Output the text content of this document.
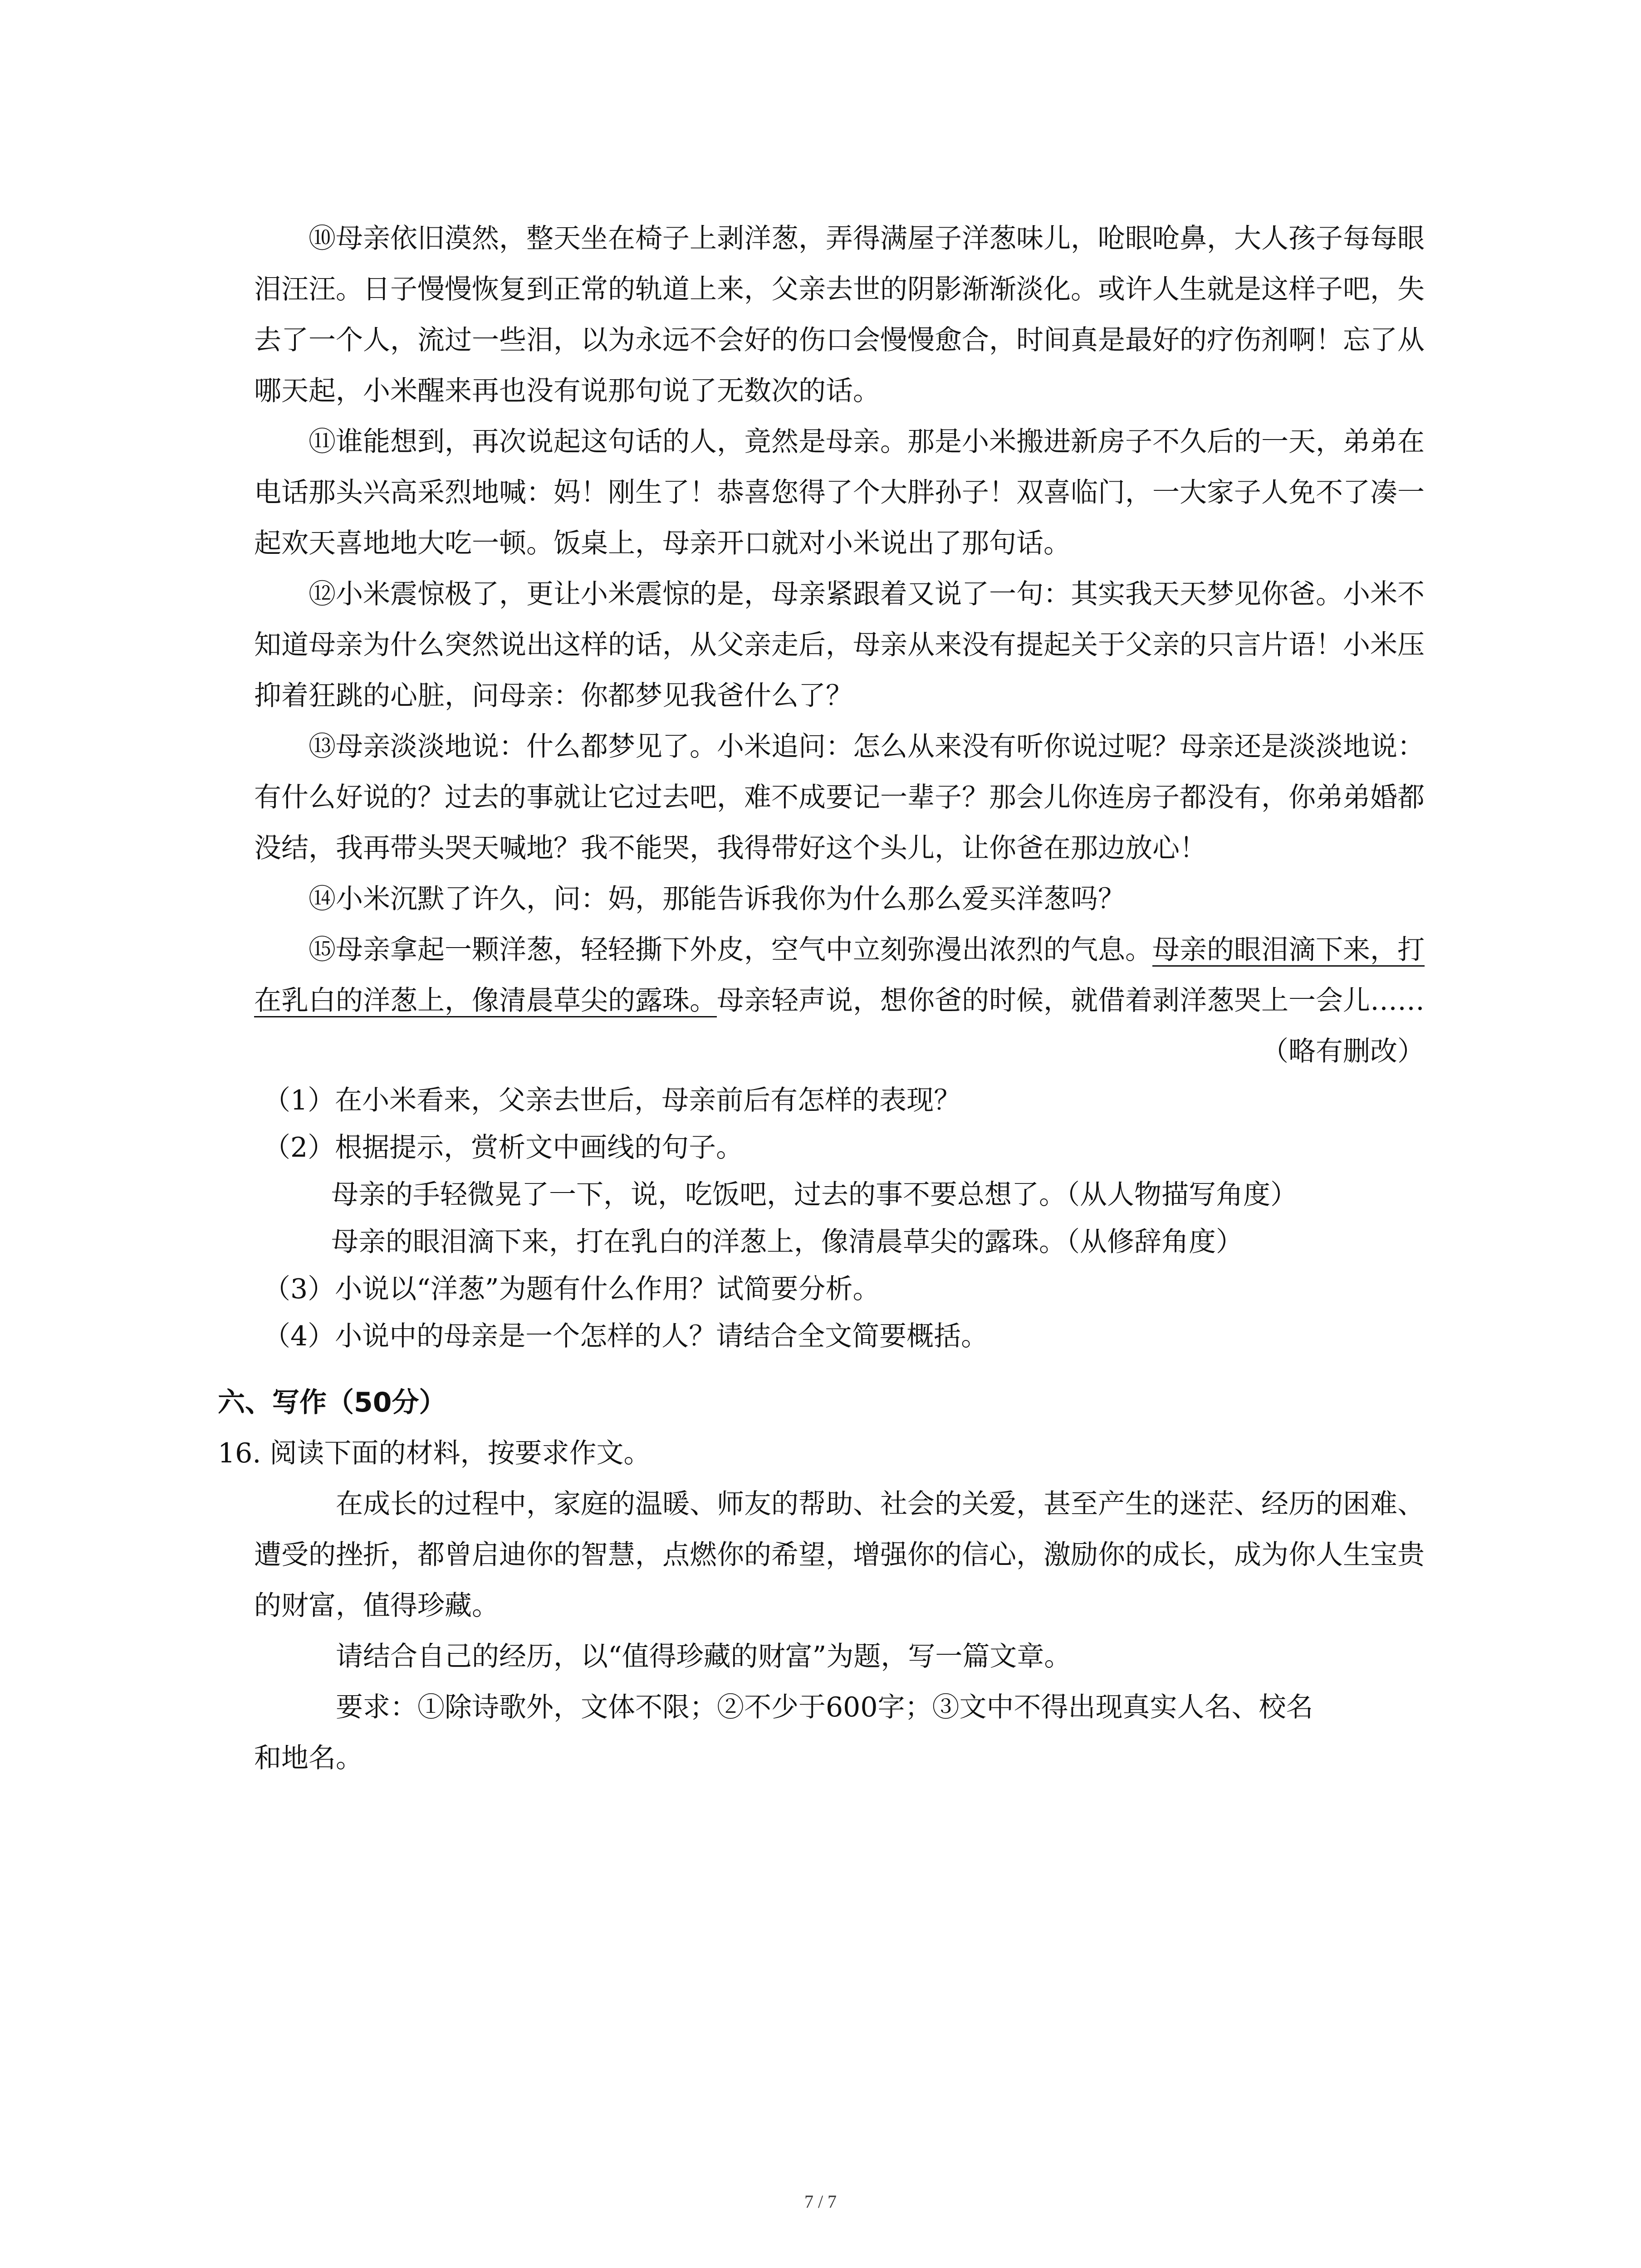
⑩母亲依旧漠然，整天坐在椅子上剥洋葱，弄得满屋子洋葱味儿，呛眼呛鼻，大人孩子每每眼泪汪汪。日子慢慢恢复到正常的轨道上来，父亲去世的阴影渐渐淡化。或许人生就是这样子吧，失去了一个人，流过一些泪，以为永远不会好的伤口会慢慢愈合，时间真是最好的疗伤剂啊！忘了从哪天起，小米醒来再也没有说那句说了无数次的话。

⑪谁能想到，再次说起这句话的人，竟然是母亲。那是小米搬进新房子不久后的一天，弟弟在电话那头兴高采烈地喊：妈！刚生了！恭喜您得了个大胖孙子！双喜临门，一大家子人免不了凑一起欢天喜地地大吃一顿。饭桌上，母亲开口就对小米说出了那句话。

⑫小米震惊极了，更让小米震惊的是，母亲紧跟着又说了一句：其实我天天梦见你爸。小米不知道母亲为什么突然说出这样的话，从父亲走后，母亲从来没有提起关于父亲的只言片语！小米压抑着狂跳的心脏，问母亲：你都梦见我爸什么了？

⑬母亲淡淡地说：什么都梦见了。小米追问：怎么从来没有听你说过呢？母亲还是淡淡地说：有什么好说的？过去的事就让它过去吧，难不成要记一辈子？那会儿你连房子都没有，你弟弟婚都没结，我再带头哭天喊地？我不能哭，我得带好这个头儿，让你爸在那边放心！

⑭小米沉默了许久，问：妈，那能告诉我你为什么那么爱买洋葱吗？

⑮母亲拿起一颗洋葱，轻轻撕下外皮，空气中立刻弥漫出浓烈的气息。母亲的眼泪滴下来，打在乳白的洋葱上，像清晨草尖的露珠。母亲轻声说，想你爸的时候，就借着剥洋葱哭上一会儿……

（略有删改）

（1）在小米看来，父亲去世后，母亲前后有怎样的表现？

（2）根据提示，赏析文中画线的句子。

母亲的手轻微晃了一下，说，吃饭吧，过去的事不要总想了。（从人物描写角度）

母亲的眼泪滴下来，打在乳白的洋葱上，像清晨草尖的露珠。（从修辞角度）

（3）小说以“洋葱”为题有什么作用？试简要分析。

（4）小说中的母亲是一个怎样的人？请结合全文简要概括。

六、写作（50分）

16. 阅读下面的材料，按要求作文。

在成长的过程中，家庭的温暖、师友的帮助、社会的关爱，甚至产生的迷茫、经历的困难、遭受的挫折，都曾启迪你的智慧，点燃你的希望，增强你的信心，激励你的成长，成为你人生宝贵的财富，值得珍藏。

请结合自己的经历，以“值得珍藏的财富”为题，写一篇文章。

要求：①除诗歌外，文体不限；②不少于600字；③文中不得出现真实人名、校名

和地名。

7 / 7
